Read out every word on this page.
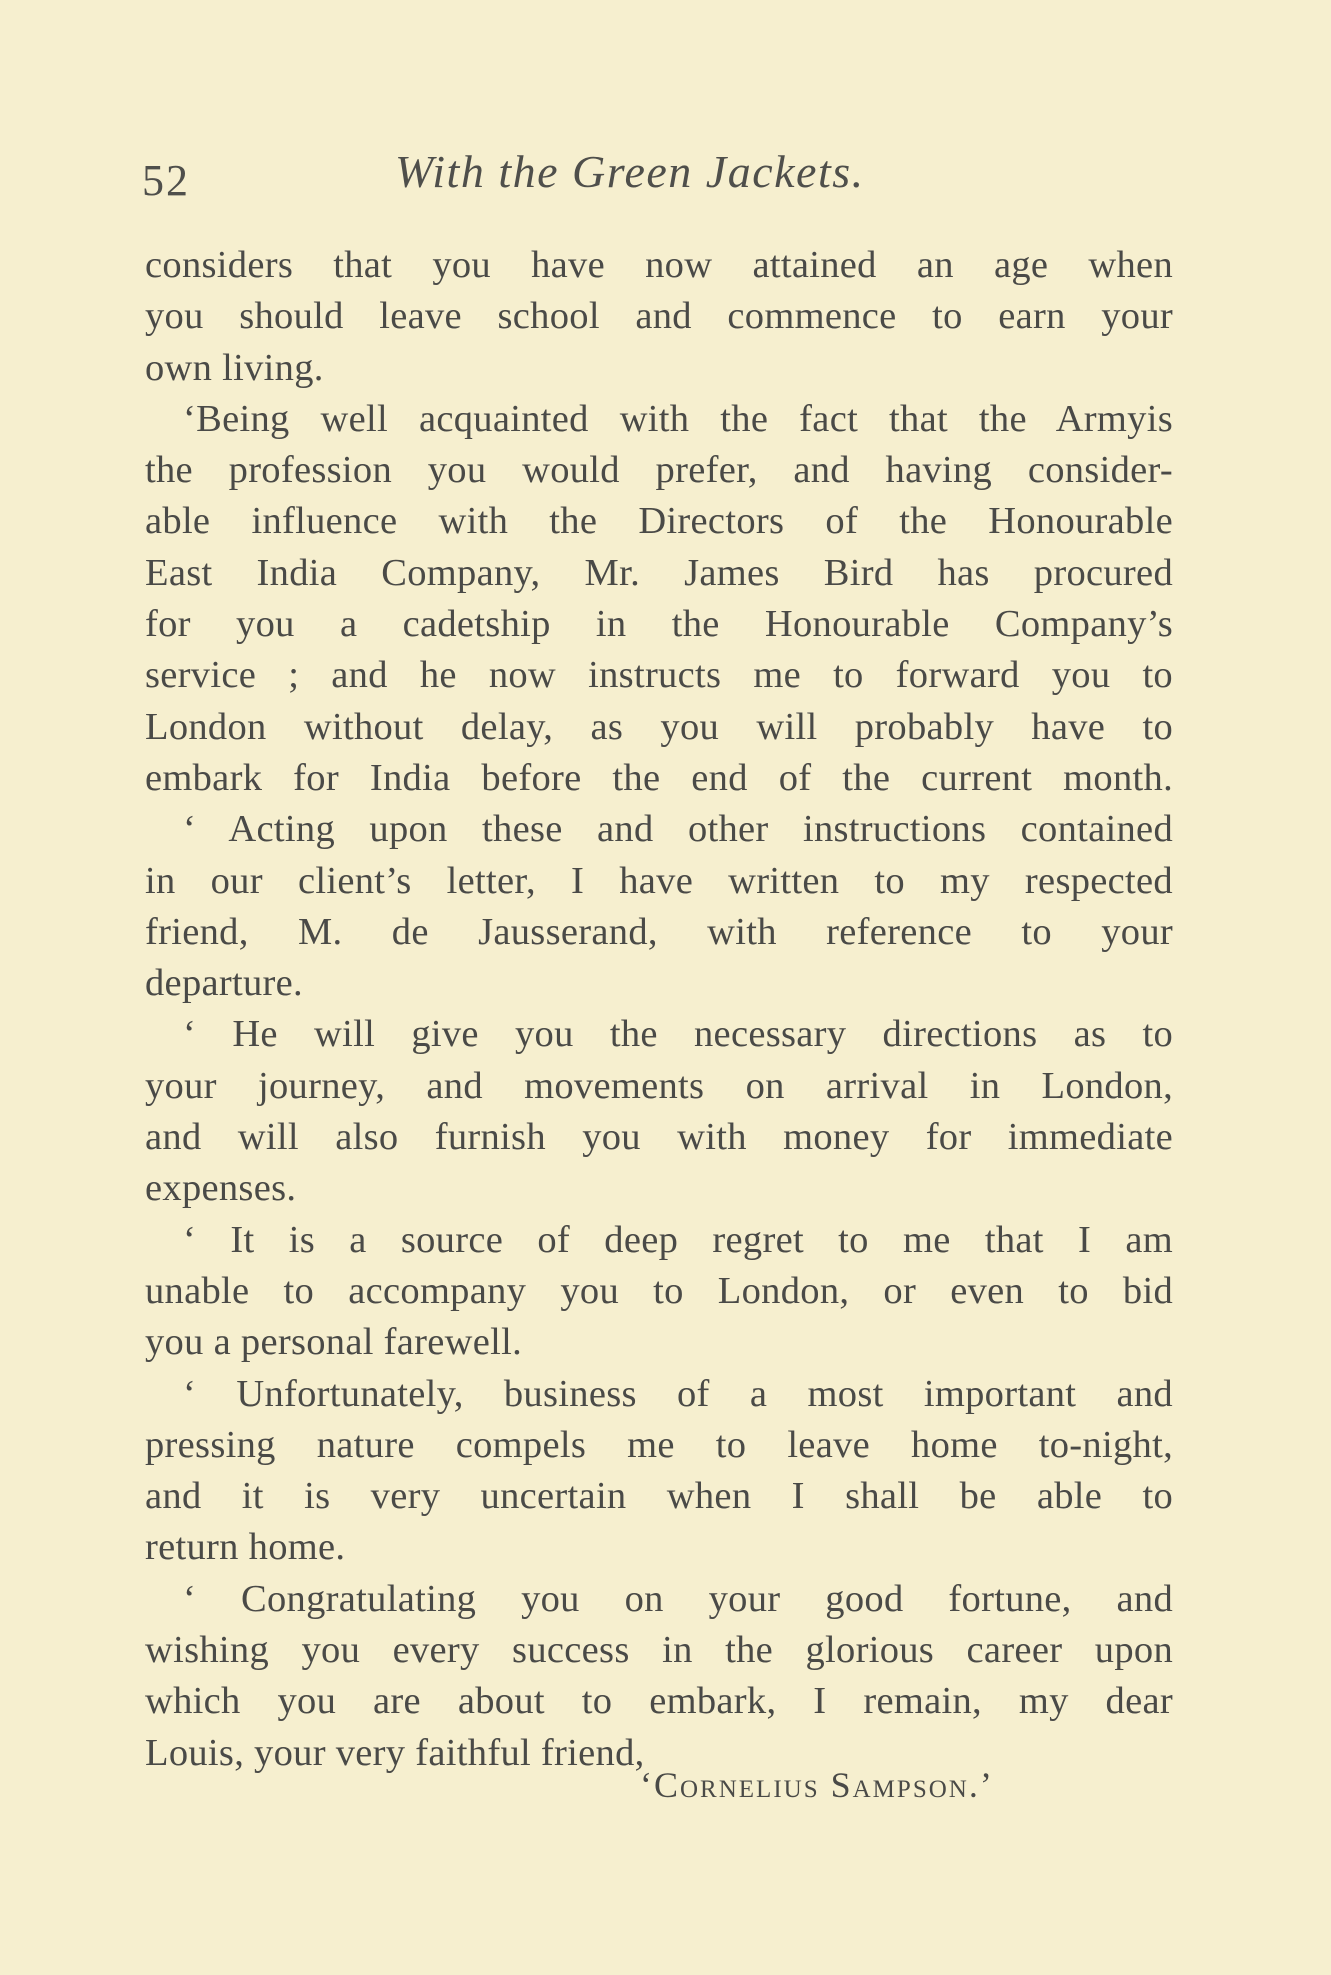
52	With the Green Jackets.
considers that you have now attained an age when
you should leave school and commence to earn your
own living.
‘Being well acquainted with the fact that the Armyis
the profession you would prefer, and having consider-
able influence with the Directors of the Honourable
East India Company, Mr. James Bird has procured
for you a cadetship in the Honourable Company’s
service ; and he now instructs me to forward you to
London without delay, as you will probably have to
embark for India before the end of the current month.
‘ Acting upon these and other instructions contained
in our client’s letter, I have written to my respected
friend, M. de Jausserand, with reference to your
departure.
‘ He will give you the necessary directions as to
your journey, and movements on arrival in London,
and will also furnish you with money for immediate
expenses.
‘ It is a source of deep regret to me that I am
unable to accompany you to London, or even to bid
you a personal farewell.
‘ Unfortunately, business of a most important and
pressing nature compels me to leave home to-night,
and it is very uncertain when I shall be able to
return home.
‘ Congratulating you on your good fortune, and
wishing you every success in the glorious career upon
which you are about to embark, I remain, my dear
Louis, your very faithful friend,
‘Cornelius Sampson.’
